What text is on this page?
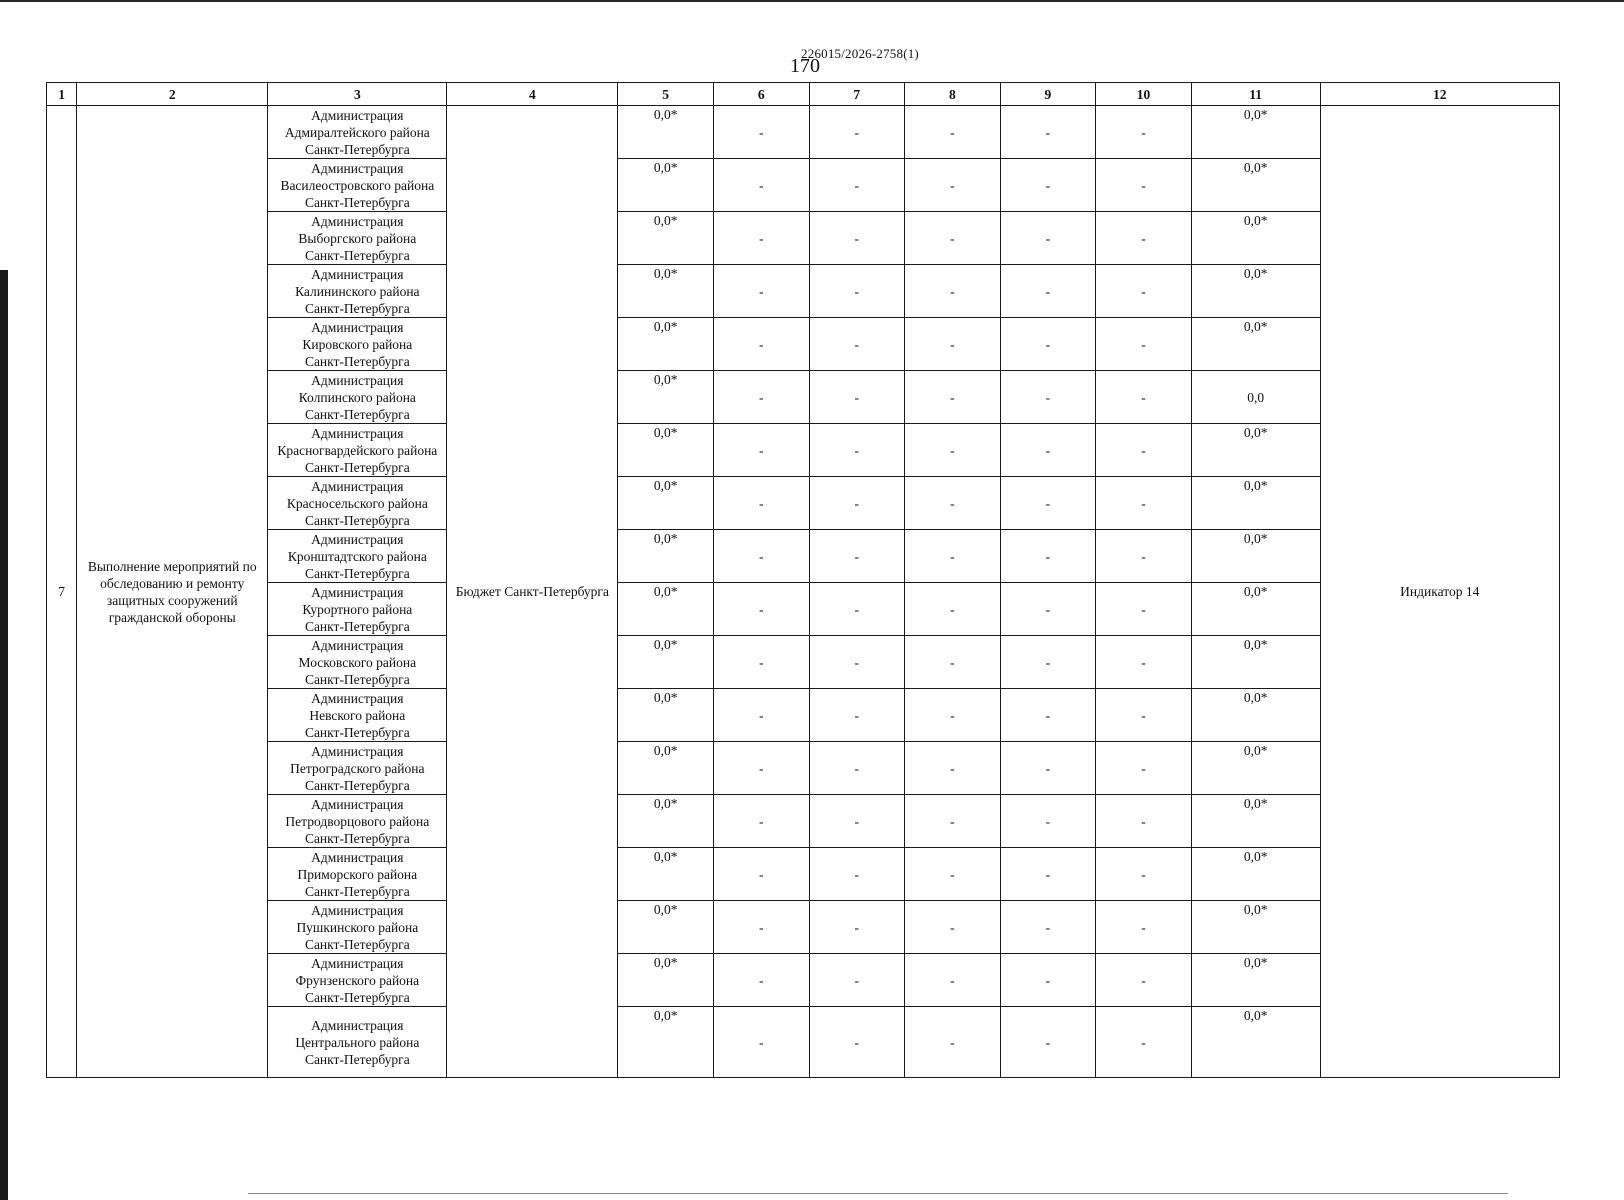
226015/2026-2758(1)
170
1	2	3	4	5	6	7	8	9	10	11	12
7	Выполнение мероприятий по обследованию и ремонту защитных сооружений гражданской обороны	Администрация
Адмиралтейского района
Санкт-Петербурга	Бюджет Санкт-Петербурга	0,0*	-	-	-	-	-	0,0*	Индикатор 14

		Администрация
Василеостровского района
Санкт-Петербурга		0,0*	-	-	-	-	-	0,0*	

		Администрация
Выборгского района
Санкт-Петербурга		0,0*	-	-	-	-	-	0,0*	

		Администрация
Калининского района
Санкт-Петербурга		0,0*	-	-	-	-	-	0,0*	

		Администрация
Кировского района
Санкт-Петербурга		0,0*	-	-	-	-	-	0,0*	

		Администрация
Колпинского района
Санкт-Петербурга		0,0*	-	-	-	-	-	0,0	

		Администрация
Красногвардейского района
Санкт-Петербурга		0,0*	-	-	-	-	-	0,0*	

		Администрация
Красносельского района
Санкт-Петербурга		0,0*	-	-	-	-	-	0,0*	

		Администрация
Кронштадтского района
Санкт-Петербурга		0,0*	-	-	-	-	-	0,0*	

		Администрация
Курортного района
Санкт-Петербурга		0,0*	-	-	-	-	-	0,0*	

		Администрация
Московского района
Санкт-Петербурга		0,0*	-	-	-	-	-	0,0*	

		Администрация
Невского района
Санкт-Петербурга		0,0*	-	-	-	-	-	0,0*	

		Администрация
Петроградского района
Санкт-Петербурга		0,0*	-	-	-	-	-	0,0*	

		Администрация
Петродворцового района
Санкт-Петербурга		0,0*	-	-	-	-	-	0,0*	

		Администрация
Приморского района
Санкт-Петербурга		0,0*	-	-	-	-	-	0,0*	

		Администрация
Пушкинского района
Санкт-Петербурга		0,0*	-	-	-	-	-	0,0*	

		Администрация
Фрунзенского района
Санкт-Петербурга		0,0*	-	-	-	-	-	0,0*	

		Администрация
Центрального района
Санкт-Петербурга		0,0*	-	-	-	-	-	0,0*	
